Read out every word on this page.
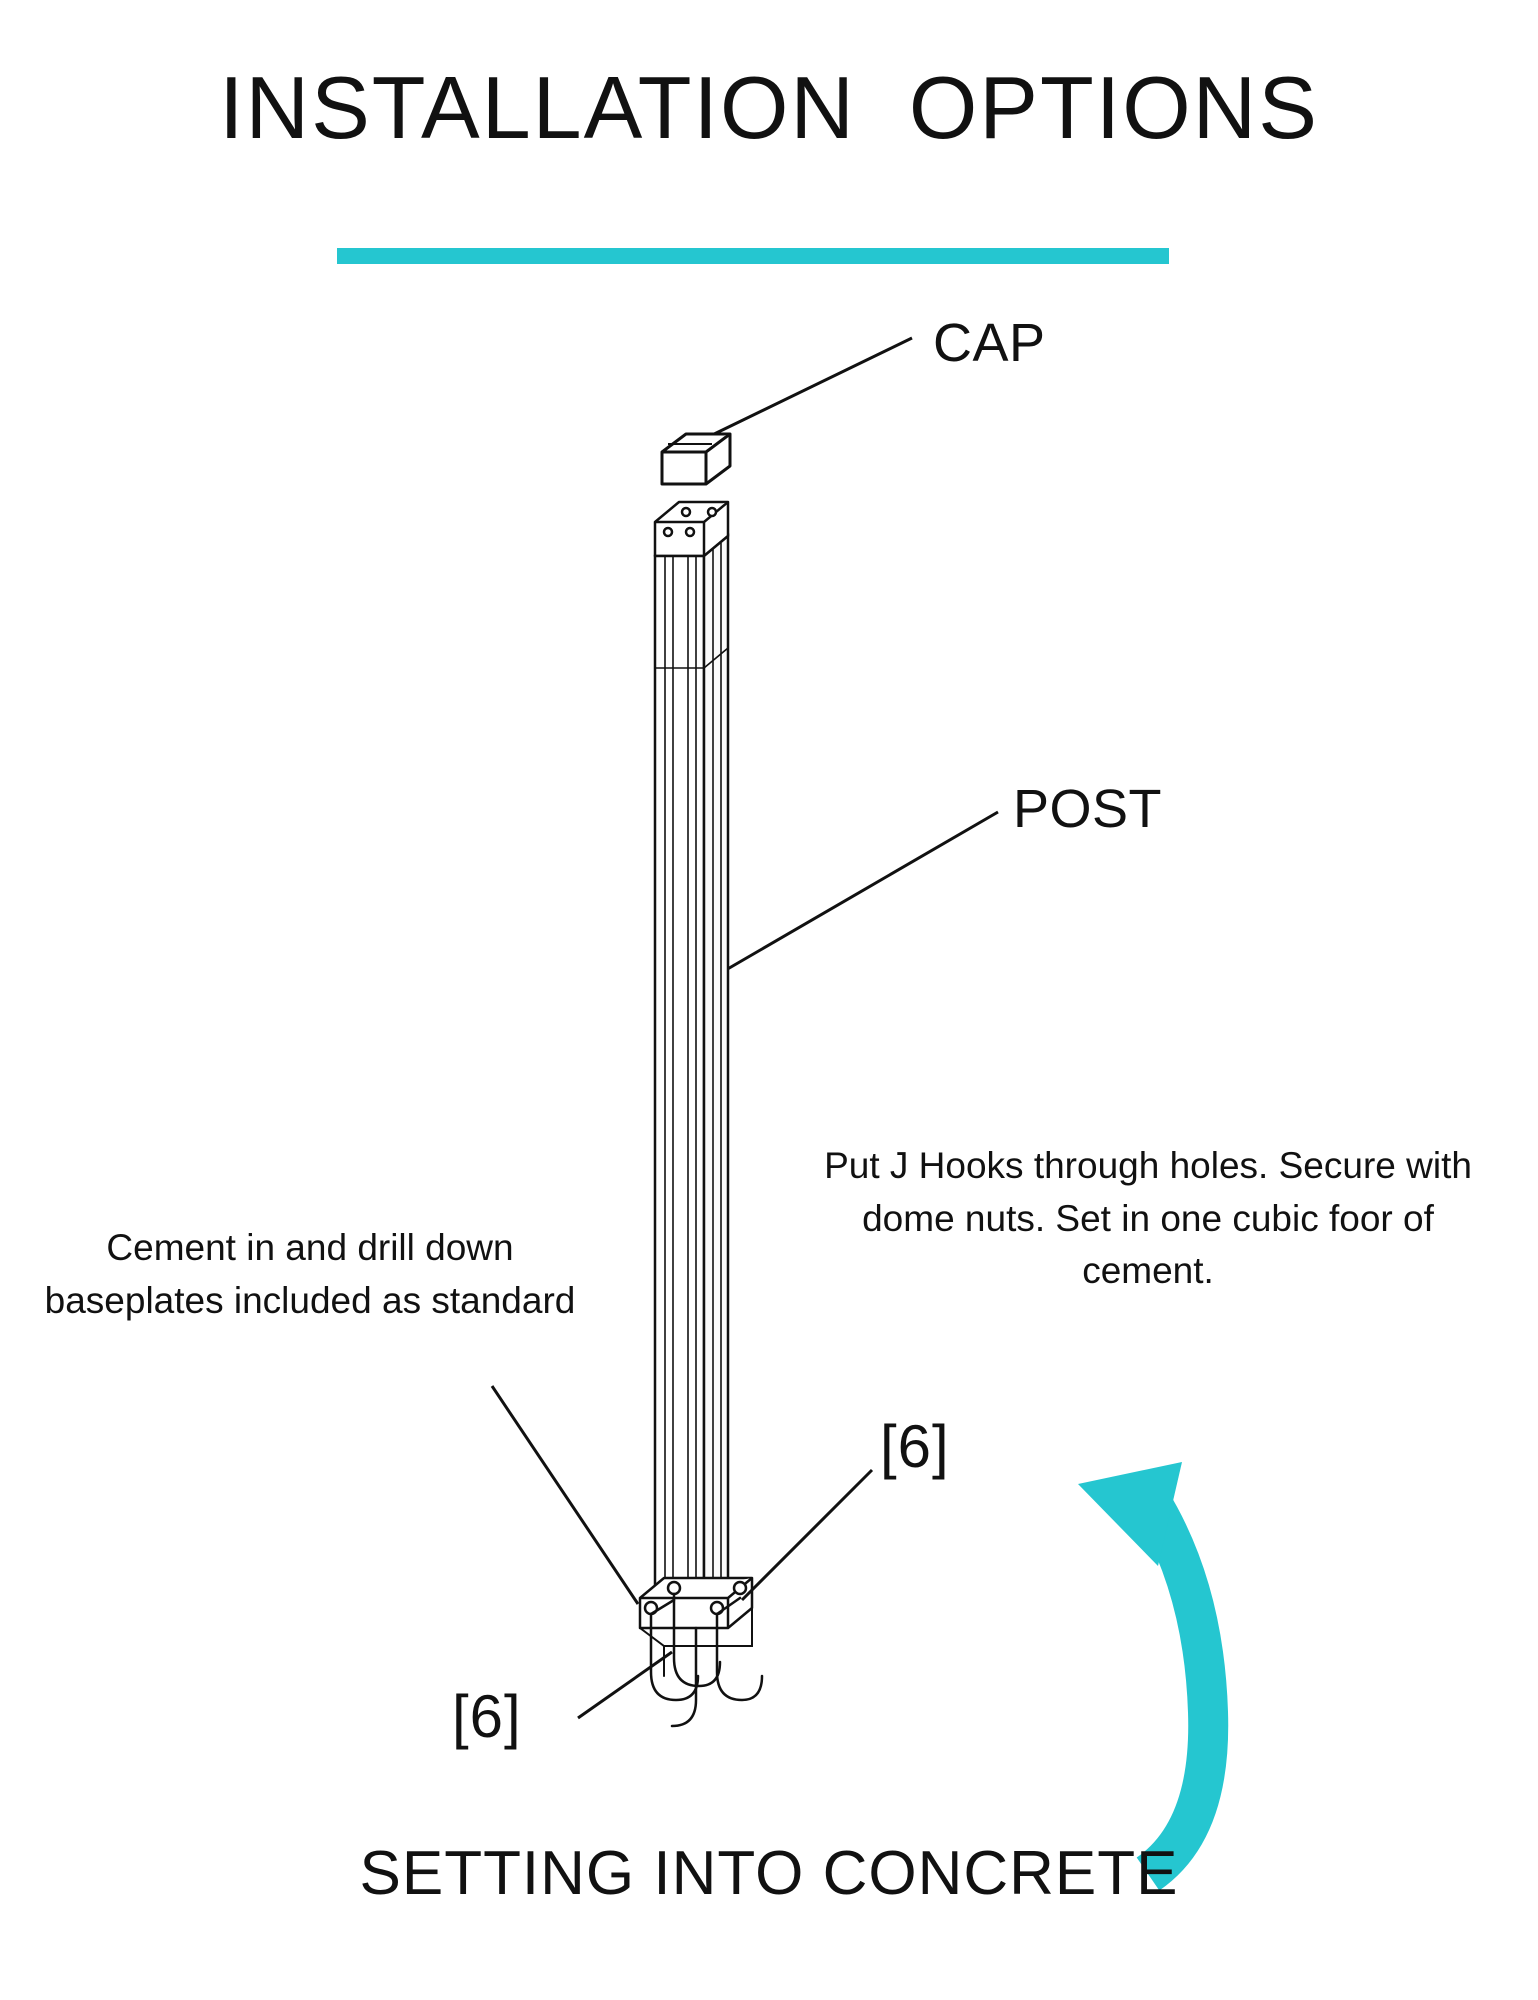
INSTALLATION  OPTIONS
CAP
POST
Cement in and drill down baseplates included as standard
Put J Hooks through holes. Secure with dome nuts. Set in one cubic foor of cement.
[6]
[6]
SETTING INTO CONCRETE
